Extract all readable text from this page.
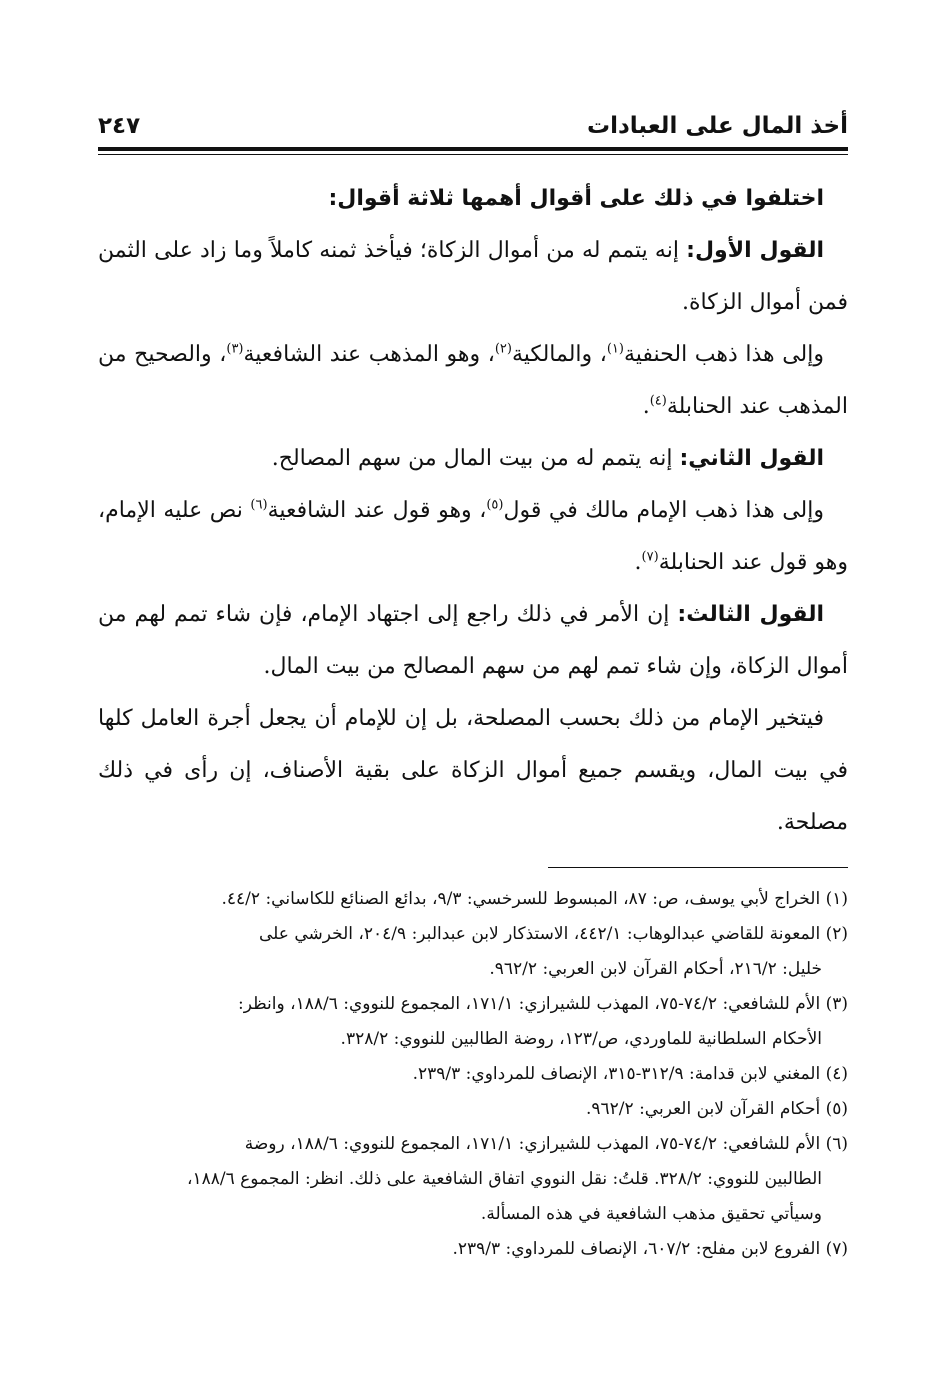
أخذ المال على العبادات
٢٤٧

اختلفوا في ذلك على أقوال أهمها ثلاثة أقوال:

القول الأول: إنه يتمم له من أموال الزكاة؛ فيأخذ ثمنه كاملاً وما زاد على الثمن فمن أموال الزكاة.

وإلى هذا ذهب الحنفية$^{(١)}$، والمالكية$^{(٢)}$، وهو المذهب عند الشافعية$^{(٣)}$، والصحيح من المذهب عند الحنابلة$^{(٤)}$.

القول الثاني: إنه يتمم له من بيت المال من سهم المصالح.

وإلى هذا ذهب الإمام مالك في قول$^{(٥)}$، وهو قول عند الشافعية$^{(٦)}$ نص عليه الإمام، وهو قول عند الحنابلة$^{(٧)}$.

القول الثالث: إن الأمر في ذلك راجع إلى اجتهاد الإمام، فإن شاء تمم لهم من أموال الزكاة، وإن شاء تمم لهم من سهم المصالح من بيت المال.

فيتخير الإمام من ذلك بحسب المصلحة، بل إن للإمام أن يجعل أجرة العامل كلها في بيت المال، ويقسم جميع أموال الزكاة على بقية الأصناف، إن رأى في ذلك مصلحة.

(١) الخراج لأبي يوسف، ص: ٨٧، المبسوط للسرخسي: ٩/٣، بدائع الصنائع للكاساني: ٤٤/٢.

(٢) المعونة للقاضي عبدالوهاب: ٤٤٢/١، الاستذكار لابن عبدالبر: ٢٠٤/٩، الخرشي على

خليل: ٢١٦/٢، أحكام القرآن لابن العربي: ٩٦٢/٢.

(٣) الأم للشافعي: ٧٤/٢-٧٥، المهذب للشيرازي: ١٧١/١، المجموع للنووي: ١٨٨/٦، وانظر:

الأحكام السلطانية للماوردي، ص/١٢٣، روضة الطالبين للنووي: ٣٢٨/٢.

(٤) المغني لابن قدامة: ٣١٢/٩-٣١٥، الإنصاف للمرداوي: ٢٣٩/٣.

(٥) أحكام القرآن لابن العربي: ٩٦٢/٢.

(٦) الأم للشافعي: ٧٤/٢-٧٥، المهذب للشيرازي: ١٧١/١، المجموع للنووي: ١٨٨/٦، روضة

الطالبين للنووي: ٣٢٨/٢. قلتُ: نقل النووي اتفاق الشافعية على ذلك. انظر: المجموع ١٨٨/٦،

وسيأتي تحقيق مذهب الشافعية في هذه المسألة.

(٧) الفروع لابن مفلح: ٦٠٧/٢، الإنصاف للمرداوي: ٢٣٩/٣.
